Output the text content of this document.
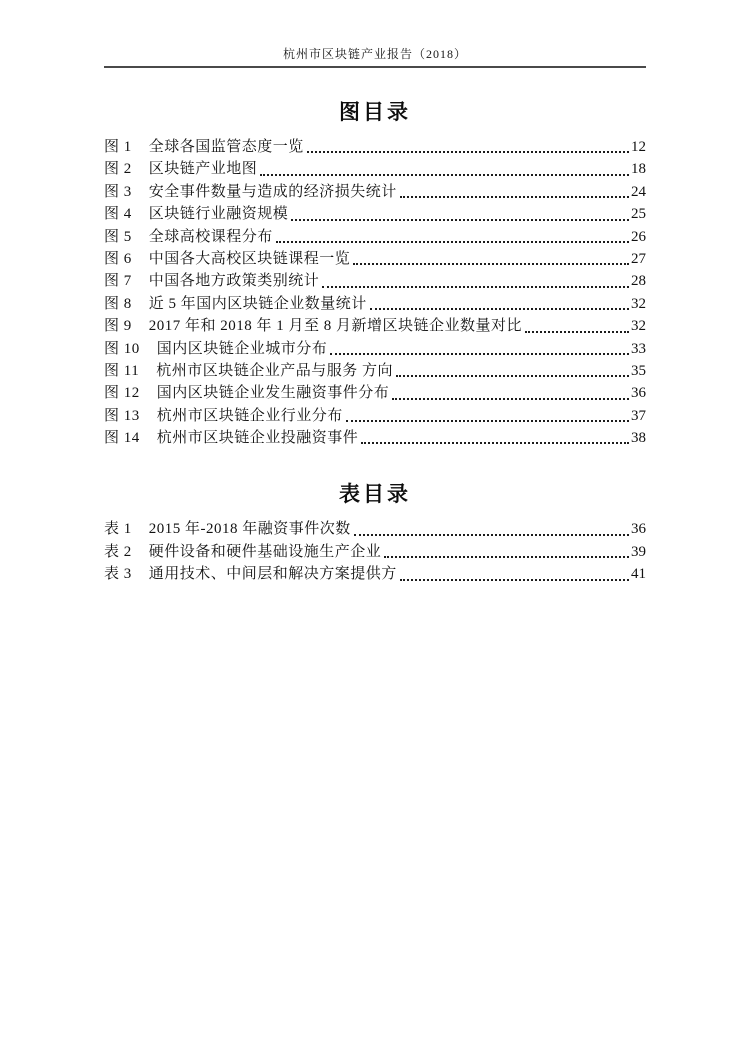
杭州市区块链产业报告（2018）
图目录
图 1 全球各国监管态度一览	12
图 2 区块链产业地图	18
图 3 安全事件数量与造成的经济损失统计	24
图 4 区块链行业融资规模	25
图 5 全球高校课程分布	26
图 6 中国各大高校区块链课程一览	27
图 7 中国各地方政策类别统计	28
图 8 近 5 年国内区块链企业数量统计	32
图 9 2017 年和 2018 年 1 月至 8 月新增区块链企业数量对比	32
图 10 国内区块链企业城市分布	33
图 11 杭州市区块链企业产品与服务 方向	35
图 12 国内区块链企业发生融资事件分布	36
图 13 杭州市区块链企业行业分布	37
图 14 杭州市区块链企业投融资事件	38
表目录
表 1 2015 年-2018 年融资事件次数	36
表 2 硬件设备和硬件基础设施生产企业	39
表 3 通用技术、中间层和解决方案提供方	41
